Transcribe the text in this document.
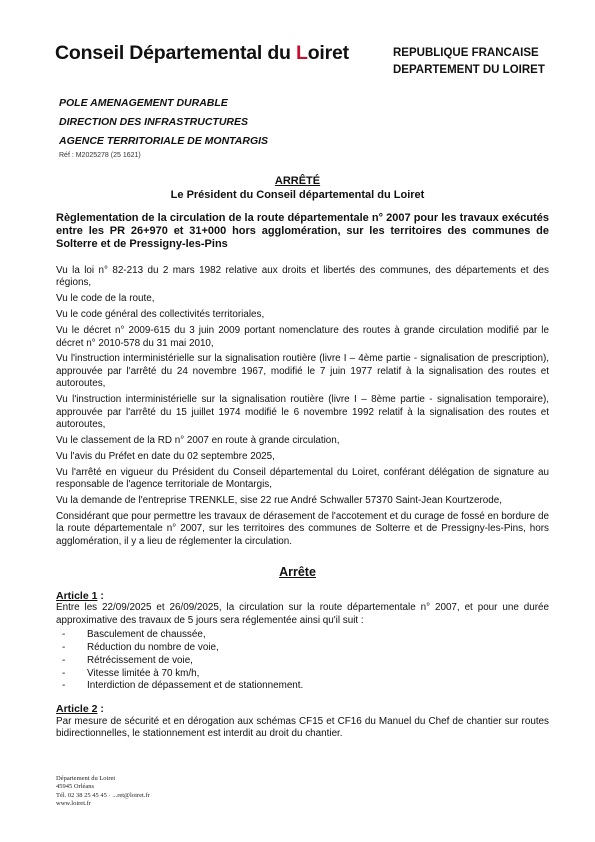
Conseil Départemental du Loiret	REPUBLIQUE FRANCAISE
DEPARTEMENT DU LOIRET
POLE AMENAGEMENT DURABLE
DIRECTION DES INFRASTRUCTURES
AGENCE TERRITORIALE DE MONTARGIS
Réf : M2025278 (25 1621)
ARRÊTÉ
Le Président du Conseil départemental du Loiret
Règlementation de la circulation de la route départementale n° 2007 pour les travaux exécutés entre les PR 26+970 et 31+000 hors agglomération, sur les territoires des communes de Solterre et de Pressigny-les-Pins

Vu la loi n° 82-213 du 2 mars 1982 relative aux droits et libertés des communes, des départements et des régions,

Vu le code de la route,

Vu le code général des collectivités territoriales,

Vu le décret n° 2009-615 du 3 juin 2009 portant nomenclature des routes à grande circulation modifié par le décret n° 2010-578 du 31 mai 2010,

Vu l'instruction interministérielle sur la signalisation routière (livre I – 4ème partie - signalisation de prescription), approuvée par l'arrêté du 24 novembre 1967, modifié le 7 juin 1977 relatif à la signalisation des routes et autoroutes,

Vu l'instruction interministérielle sur la signalisation routière (livre I – 8ème partie - signalisation temporaire), approuvée par l'arrêté du 15 juillet 1974 modifié le 6 novembre 1992 relatif à la signalisation des routes et autoroutes,

Vu le classement de la RD n° 2007 en route à grande circulation,

Vu l'avis du Préfet en date du 02 septembre 2025,

Vu l'arrêté en vigueur du Président du Conseil départemental du Loiret, conférant délégation de signature au responsable de l'agence territoriale de Montargis,

Vu la demande de l'entreprise TRENKLE, sise 22 rue André Schwaller 57370 Saint-Jean Kourtzerode,

Considérant que pour permettre les travaux de dérasement de l'accotement et du curage de fossé en bordure de la route départementale n° 2007, sur les territoires des communes de Solterre et de Pressigny-les-Pins, hors agglomération, il y a lieu de réglementer la circulation.

Arrête

Article 1 :

Entre les 22/09/2025 et 26/09/2025, la circulation sur la route départementale n° 2007, et pour une durée approximative des travaux de 5 jours sera réglementée ainsi qu'il suit :

-	Basculement de chaussée,
-	Réduction du nombre de voie,
-	Rétrécissement de voie,
-	Vitesse limitée à 70 km/h,
-	Interdiction de dépassement et de stationnement.

Article 2 :

Par mesure de sécurité et en dérogation aux schémas CF15 et CF16 du Manuel du Chef de chantier sur routes bidirectionnelles, le stationnement est interdit au droit du chantier.

Département du Loiret
45945 Orléans
Tél. 02 38 25 45 45 · ...ret@loiret.fr
www.loiret.fr
